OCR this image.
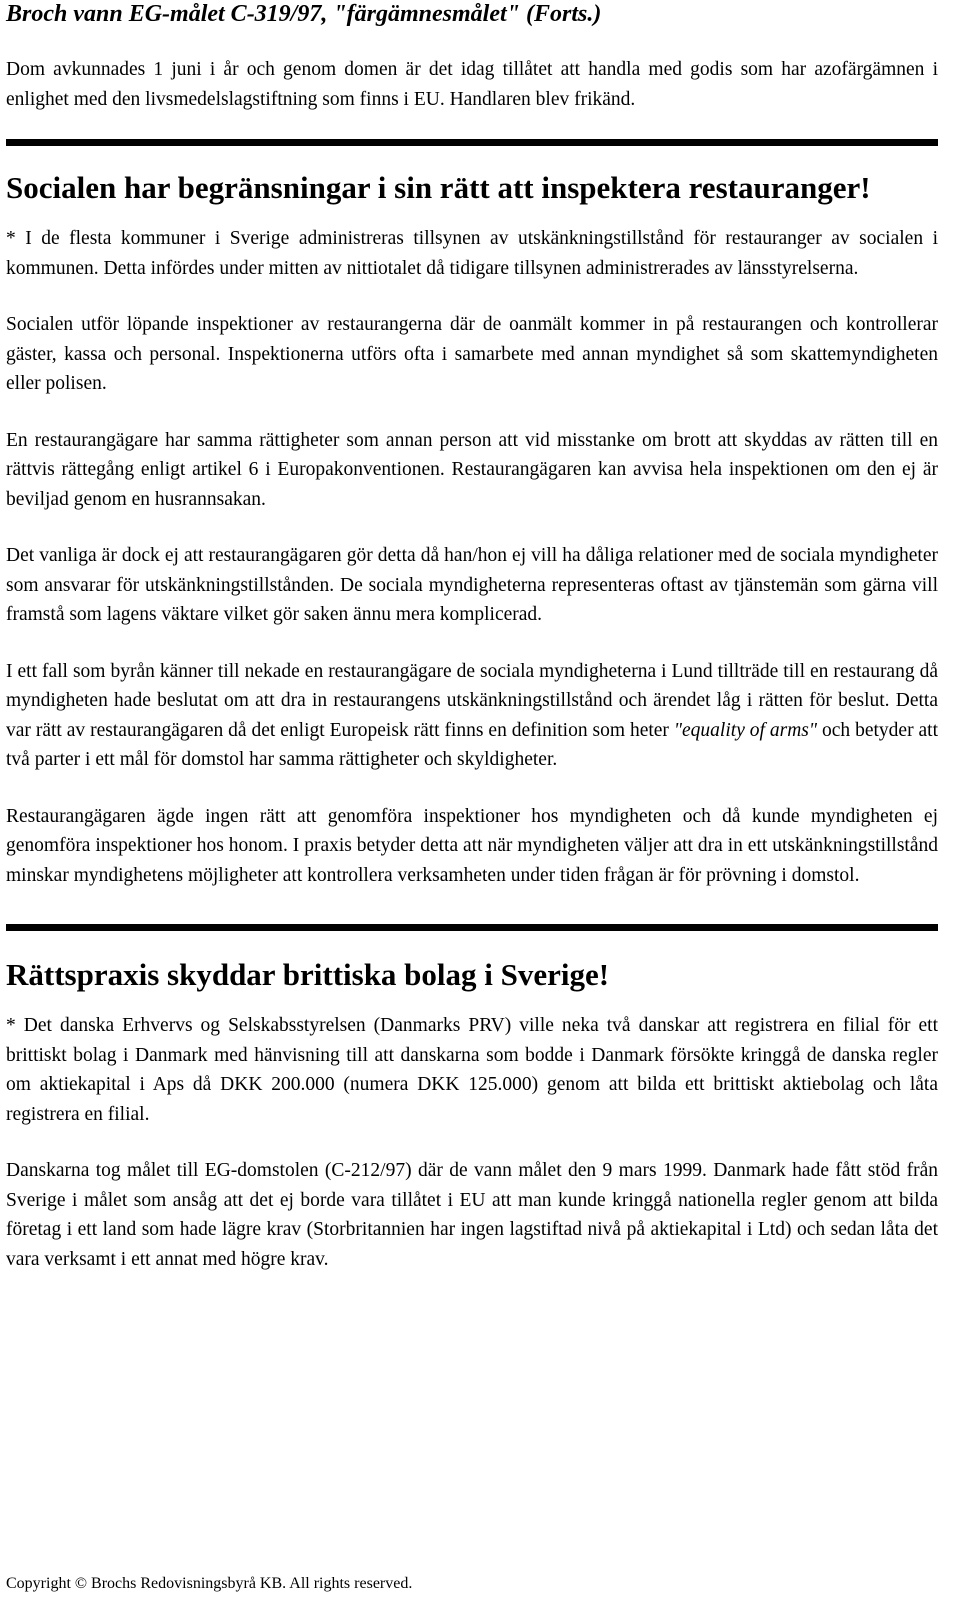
Broch vann EG-målet C-319/97, "färgämnesmålet" (Forts.)

Dom avkunnades 1 juni i år och genom domen är det idag tillåtet att handla med godis som har azofärgämnen i enlighet med den livsmedelslagstiftning som finns i EU. Handlaren blev frikänd.

Socialen har begränsningar i sin rätt att inspektera restauranger!

* I de flesta kommuner i Sverige administreras tillsynen av utskänkningstillstånd för restauranger av socialen i kommunen. Detta infördes under mitten av nittiotalet då tidigare tillsynen administrerades av länsstyrelserna.

Socialen utför löpande inspektioner av restaurangerna där de oanmält kommer in på restaurangen och kontrollerar gäster, kassa och personal. Inspektionerna utförs ofta i samarbete med annan myndighet så som skattemyndigheten eller polisen.

En restaurangägare har samma rättigheter som annan person att vid misstanke om brott att skyddas av rätten till en rättvis rättegång enligt artikel 6 i Europakonventionen. Restaurangägaren kan avvisa hela inspektionen om den ej är beviljad genom en husrannsakan.

Det vanliga är dock ej att restaurangägaren gör detta då han/hon ej vill ha dåliga relationer med de sociala myndigheter som ansvarar för utskänkningstillstånden. De sociala myndigheterna representeras oftast av tjänstemän som gärna vill framstå som lagens väktare vilket gör saken ännu mera komplicerad.

I ett fall som byrån känner till nekade en restaurangägare de sociala myndigheterna i Lund tillträde till en restaurang då myndigheten hade beslutat om att dra in restaurangens utskänkningstillstånd och ärendet låg i rätten för beslut. Detta var rätt av restaurangägaren då det enligt Europeisk rätt finns en definition som heter "equality of arms" och betyder att två parter i ett mål för domstol har samma rättigheter och skyldigheter.

Restaurangägaren ägde ingen rätt att genomföra inspektioner hos myndigheten och då kunde myndigheten ej genomföra inspektioner hos honom. I praxis betyder detta att när myndigheten väljer att dra in ett utskänkningstillstånd minskar myndighetens möjligheter att kontrollera verksamheten under tiden frågan är för prövning i domstol.

Rättspraxis skyddar brittiska bolag i Sverige!

* Det danska Erhvervs og Selskabsstyrelsen (Danmarks PRV) ville neka två danskar att registrera en filial för ett brittiskt bolag i Danmark med hänvisning till att danskarna som bodde i Danmark försökte kringgå de danska regler om aktiekapital i Aps då DKK 200.000 (numera DKK 125.000) genom att bilda ett brittiskt aktiebolag och låta registrera en filial.

Danskarna tog målet till EG-domstolen (C-212/97) där de vann målet den 9 mars 1999. Danmark hade fått stöd från Sverige i målet som ansåg att det ej borde vara tillåtet i EU att man kunde kringgå nationella regler genom att bilda företag i ett land som hade lägre krav (Storbritannien har ingen lagstiftad nivå på aktiekapital i Ltd) och sedan låta det vara verksamt i ett annat med högre krav.

Copyright © Brochs Redovisningsbyrå KB. All rights reserved.
